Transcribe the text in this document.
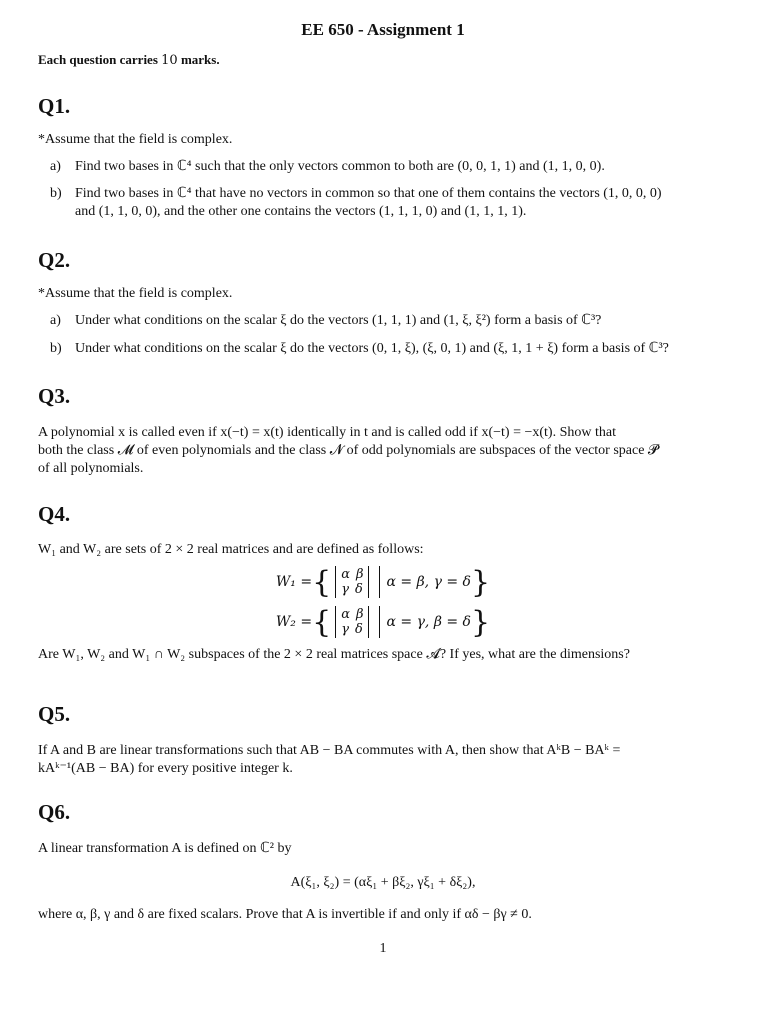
EE 650 - Assignment 1
Each question carries 10 marks.

Q1.

*Assume that the field is complex.

a) Find two bases in ℂ⁴ such that the only vectors common to both are (0, 0, 1, 1) and (1, 1, 0, 0).
b) Find two bases in ℂ⁴ that have no vectors in common so that one of them contains the vectors (1, 0, 0, 0)
and (1, 1, 0, 0), and the other one contains the vectors (1, 1, 1, 0) and (1, 1, 1, 1).

Q2.

*Assume that the field is complex.

a) Under what conditions on the scalar ξ do the vectors (1, 1, 1) and (1, ξ, ξ²) form a basis of ℂ³?
b) Under what conditions on the scalar ξ do the vectors (0, 1, ξ), (ξ, 0, 1) and (ξ, 1, 1 + ξ) form a basis of ℂ³?

Q3.

A polynomial x is called even if x(−t) = x(t) identically in t and is called odd if x(−t) = −x(t). Show that

both the class 𝓜 of even polynomials and the class 𝓝 of odd polynomials are subspaces of the vector space 𝓟

of all polynomials.

Q4.

W₁ and W₂ are sets of 2 × 2 real matrices and are defined as follows:

W₁ = { α β
γ δ	α = β, γ = δ }
W₂ = { α β
γ δ	α = γ, β = δ }

Are W₁, W₂ and W₁ ∩ W₂ subspaces of the 2 × 2 real matrices space 𝓐? If yes, what are the dimensions?

Q5.

If A and B are linear transformations such that AB − BA commutes with A, then show that AᵏB − BAᵏ =

kAᵏ⁻¹(AB − BA) for every positive integer k.

Q6.

A linear transformation A is defined on ℂ² by

A(ξ₁, ξ₂) = (αξ₁ + βξ₂, γξ₁ + δξ₂),

where α, β, γ and δ are fixed scalars. Prove that A is invertible if and only if αδ − βγ ≠ 0.

1
